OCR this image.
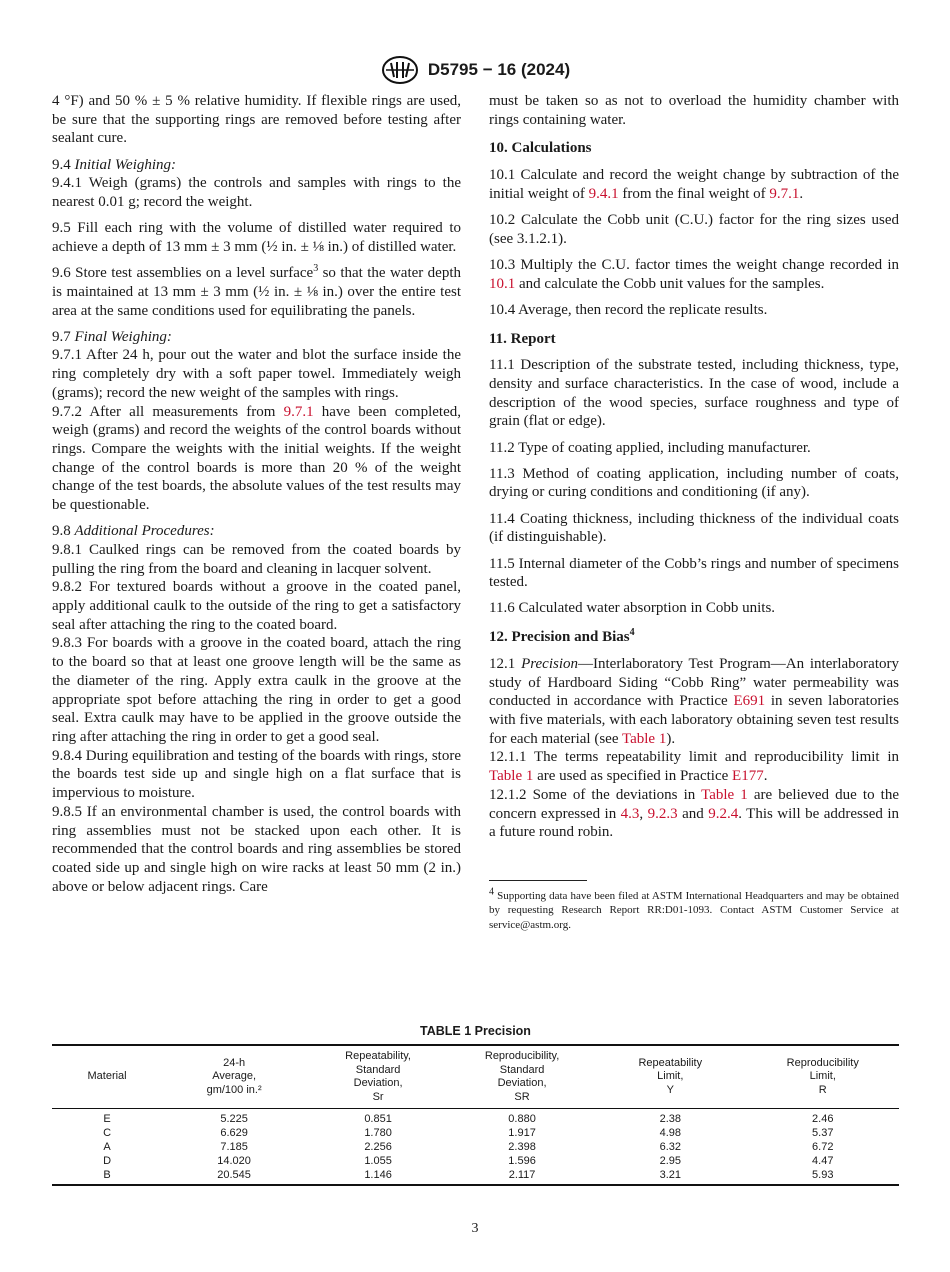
D5795 − 16 (2024)

4 °F) and 50 % ± 5 % relative humidity. If flexible rings are used, be sure that the supporting rings are removed before testing after sealant cure.

9.4 Initial Weighing:

9.4.1 Weigh (grams) the controls and samples with rings to the nearest 0.01 g; record the weight.

9.5 Fill each ring with the volume of distilled water required to achieve a depth of 13 mm ± 3 mm (½ in. ± ⅛ in.) of distilled water.

9.6 Store test assemblies on a level surface$^3$ so that the water depth is maintained at 13 mm ± 3 mm (½ in. ± ⅛ in.) over the entire test area at the same conditions used for equilibrating the panels.

9.7 Final Weighing:

9.7.1 After 24 h, pour out the water and blot the surface inside the ring completely dry with a soft paper towel. Immediately weigh (grams); record the new weight of the samples with rings.

9.7.2 After all measurements from 9.7.1 have been completed, weigh (grams) and record the weights of the control boards without rings. Compare the weights with the initial weights. If the weight change of the control boards is more than 20 % of the weight change of the test boards, the absolute values of the test results may be questionable.

9.8 Additional Procedures:

9.8.1 Caulked rings can be removed from the coated boards by pulling the ring from the board and cleaning in lacquer solvent.

9.8.2 For textured boards without a groove in the coated panel, apply additional caulk to the outside of the ring to get a satisfactory seal after attaching the ring to the coated board.

9.8.3 For boards with a groove in the coated board, attach the ring to the board so that at least one groove length will be the same as the diameter of the ring. Apply extra caulk in the groove at the appropriate spot before attaching the ring in order to get a good seal. Extra caulk may have to be applied in the groove outside the ring after attaching the ring in order to get a good seal.

9.8.4 During equilibration and testing of the boards with rings, store the boards test side up and single high on a flat surface that is impervious to moisture.

9.8.5 If an environmental chamber is used, the control boards with ring assemblies must not be stacked upon each other. It is recommended that the control boards and ring assemblies be stored coated side up and single high on wire racks at least 50 mm (2 in.) above or below adjacent rings. Care

must be taken so as not to overload the humidity chamber with rings containing water.

10. Calculations

10.1 Calculate and record the weight change by subtraction of the initial weight of 9.4.1 from the final weight of 9.7.1.

10.2 Calculate the Cobb unit (C.U.) factor for the ring sizes used (see 3.1.2.1).

10.3 Multiply the C.U. factor times the weight change recorded in 10.1 and calculate the Cobb unit values for the samples.

10.4 Average, then record the replicate results.

11. Report

11.1 Description of the substrate tested, including thickness, type, density and surface characteristics. In the case of wood, include a description of the wood species, surface roughness and type of grain (flat or edge).

11.2 Type of coating applied, including manufacturer.

11.3 Method of coating application, including number of coats, drying or curing conditions and conditioning (if any).

11.4 Coating thickness, including thickness of the individual coats (if distinguishable).

11.5 Internal diameter of the Cobb’s rings and number of specimens tested.

11.6 Calculated water absorption in Cobb units.

12. Precision and Bias$^4$

12.1 Precision—Interlaboratory Test Program—An interlaboratory study of Hardboard Siding “Cobb Ring” water permeability was conducted in accordance with Practice E691 in seven laboratories with five materials, with each laboratory obtaining seven test results for each material (see Table 1).

12.1.1 The terms repeatability limit and reproducibility limit in Table 1 are used as specified in Practice E177.

12.1.2 Some of the deviations in Table 1 are believed due to the concern expressed in 4.3, 9.2.3 and 9.2.4. This will be addressed in a future round robin.

$^4$ Supporting data have been filed at ASTM International Headquarters and may be obtained by requesting Research Report RR:D01-1093. Contact ASTM Customer Service at service@astm.org.
TABLE 1 Precision
Material	24-h
Average,
gm/100 in.²	Repeatability,
Standard
Deviation,
Sr	Reproducibility,
Standard
Deviation,
SR	Repeatability
Limit,
Y	Reproducibility
Limit,
R
E	5.225	0.851	0.880	2.38	2.46
C	6.629	1.780	1.917	4.98	5.37
A	7.185	2.256	2.398	6.32	6.72
D	14.020	1.055	1.596	2.95	4.47
B	20.545	1.146	2.117	3.21	5.93
3
